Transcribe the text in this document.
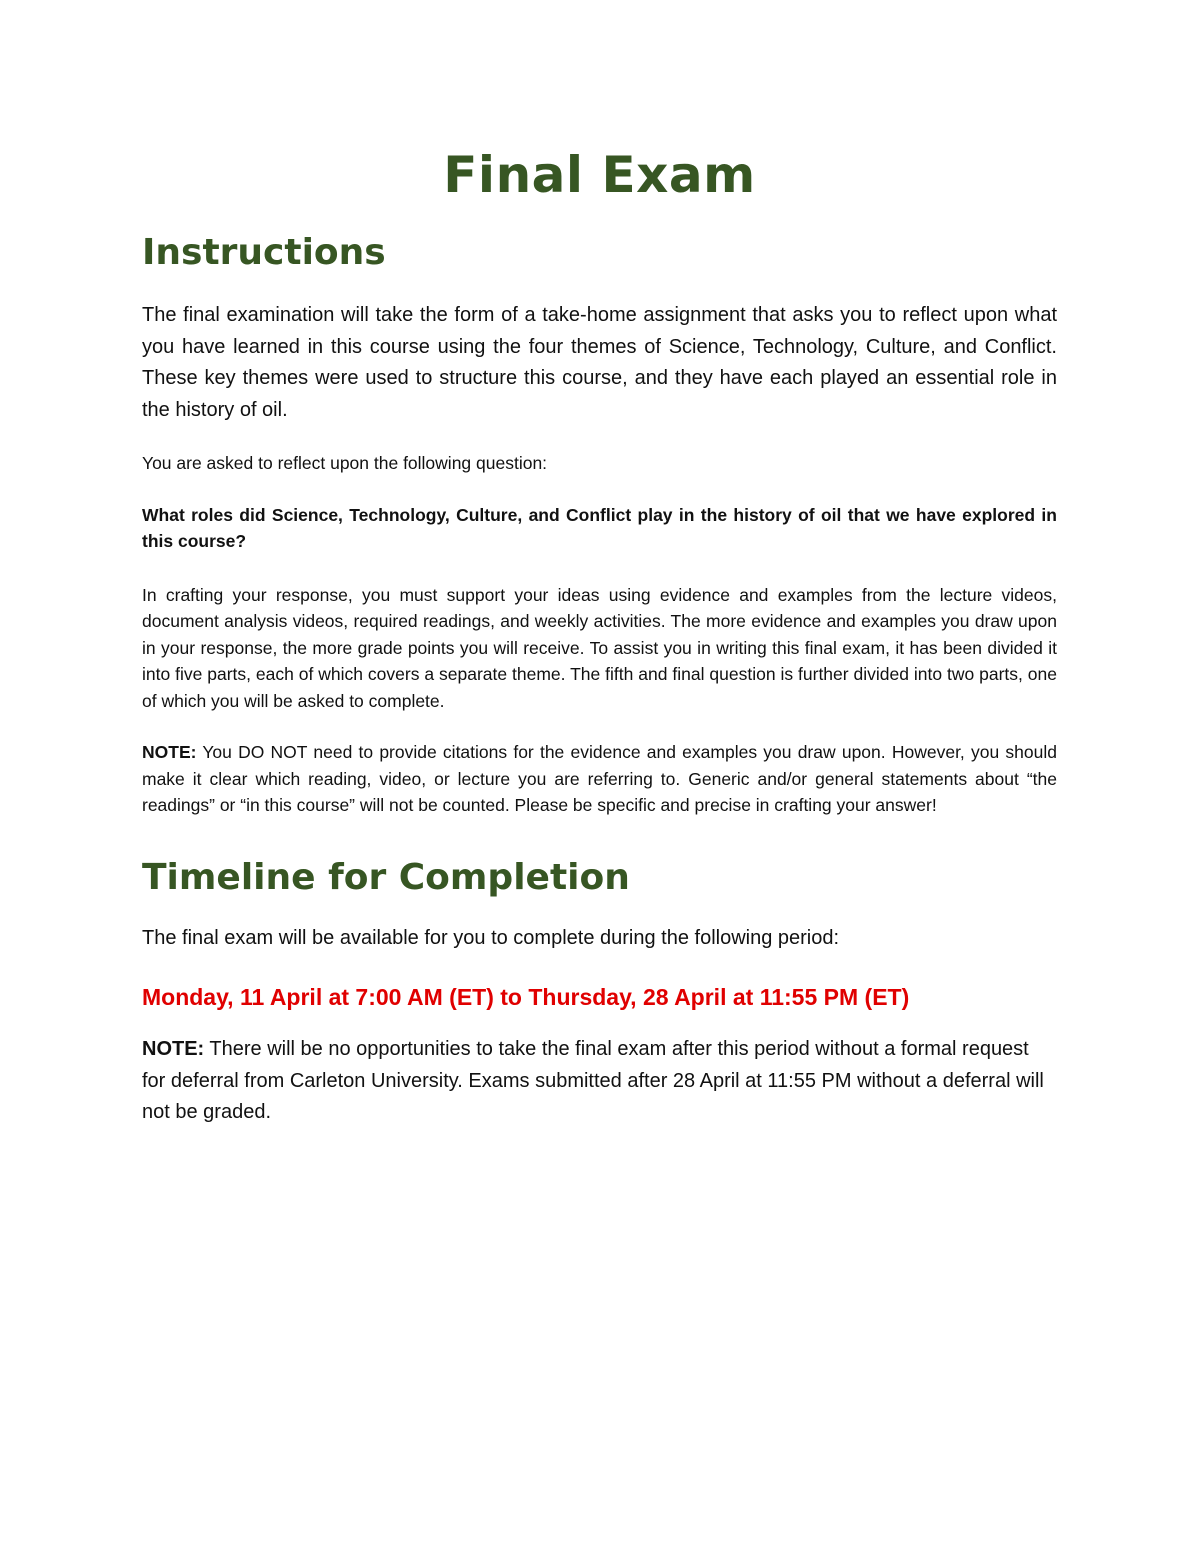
Final Exam
Instructions

The final examination will take the form of a take-home assignment that asks you to reflect upon what you have learned in this course using the four themes of Science, Technology, Culture, and Conflict. These key themes were used to structure this course, and they have each played an essential role in the history of oil.

You are asked to reflect upon the following question:

What roles did Science, Technology, Culture, and Conflict play in the history of oil that we have explored in this course?

In crafting your response, you must support your ideas using evidence and examples from the lecture videos, document analysis videos, required readings, and weekly activities. The more evidence and examples you draw upon in your response, the more grade points you will receive. To assist you in writing this final exam, it has been divided it into five parts, each of which covers a separate theme. The fifth and final question is further divided into two parts, one of which you will be asked to complete.

NOTE: You DO NOT need to provide citations for the evidence and examples you draw upon. However, you should make it clear which reading, video, or lecture you are referring to. Generic and/or general statements about “the readings” or “in this course” will not be counted. Please be specific and precise in crafting your answer!

Timeline for Completion

The final exam will be available for you to complete during the following period:

Monday, 11 April at 7:00 AM (ET) to Thursday, 28 April at 11:55 PM (ET)

NOTE: There will be no opportunities to take the final exam after this period without a formal request for deferral from Carleton University. Exams submitted after 28 April at 11:55 PM without a deferral will not be graded.
